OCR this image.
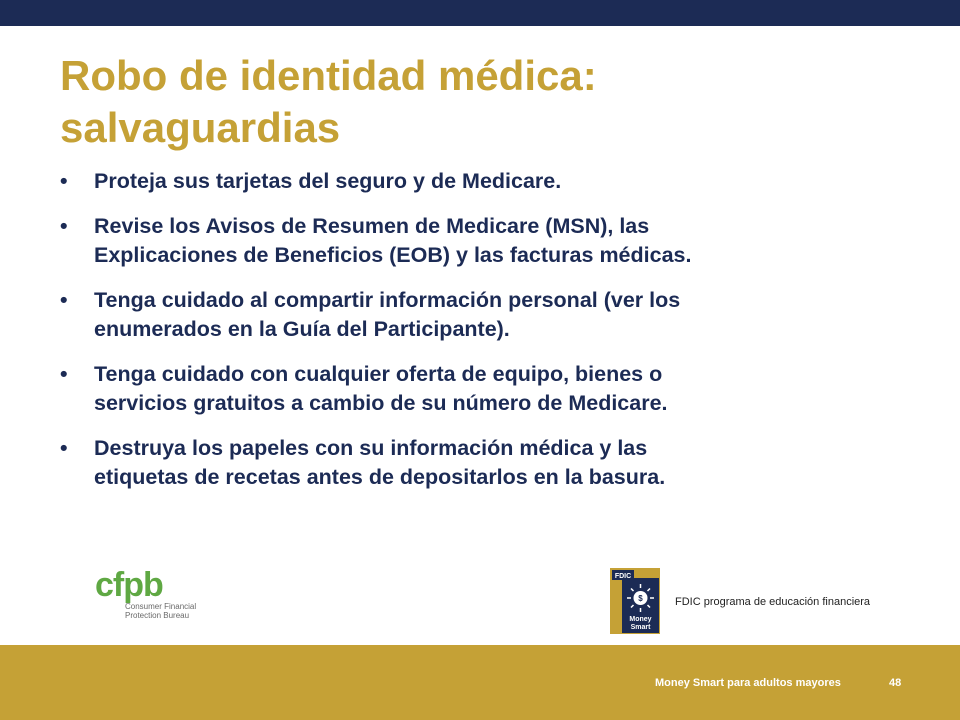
Robo de identidad médica:
salvaguardias
• Proteja sus tarjetas del seguro y de Medicare.
• Revise los Avisos de Resumen de Medicare (MSN), las
Explicaciones de Beneficios (EOB) y las facturas médicas.
• Tenga cuidado al compartir información personal (ver los
enumerados en la Guía del Participante).
• Tenga cuidado con cualquier oferta de equipo, bienes o
servicios gratuitos a cambio de su número de Medicare.
• Destruya los papeles con su información médica y las
etiquetas de recetas antes de depositarlos en la basura.
cfpb
Consumer Financial
Protection Bureau
FDIC
$
Money
Smart
FDIC programa de educación financiera
Money Smart para adultos mayores	48
